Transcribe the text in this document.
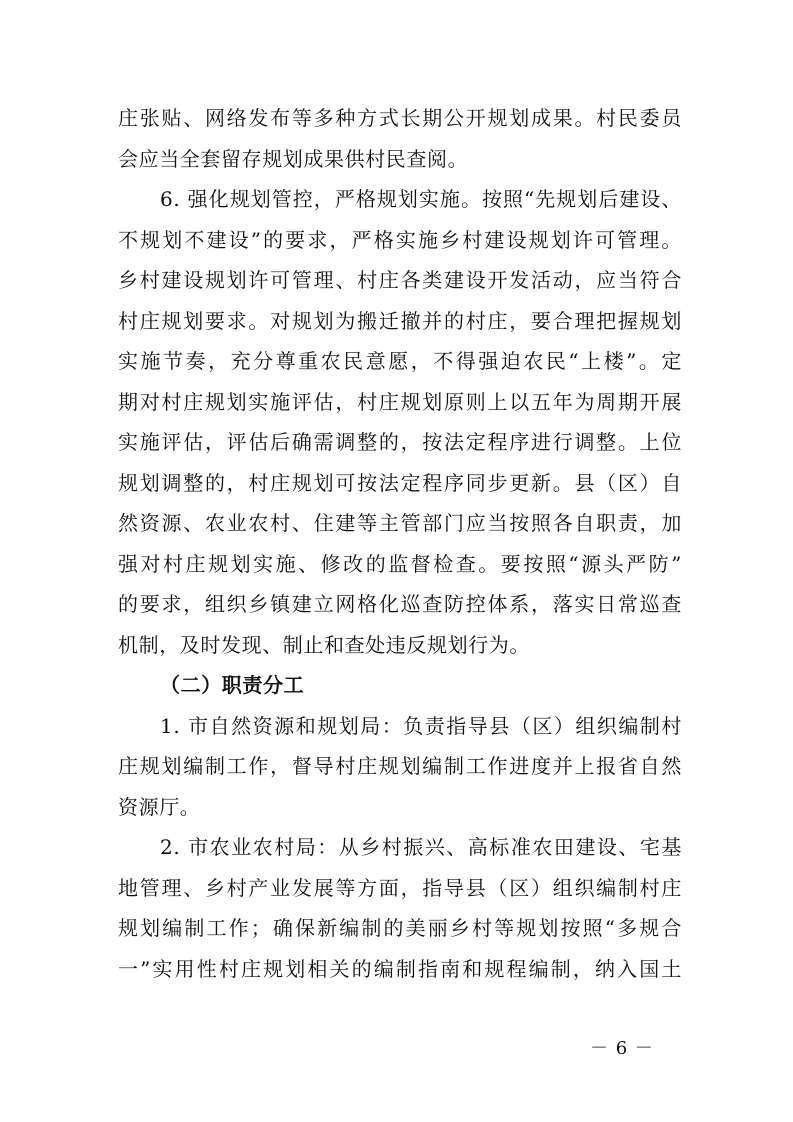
庄张贴、网络发布等多种方式长期公开规划成果。村民委员
会应当全套留存规划成果供村民查阅。
6. 强化规划管控，严格规划实施。按照“先规划后建设、
不规划不建设”的要求，严格实施乡村建设规划许可管理。
乡村建设规划许可管理、村庄各类建设开发活动，应当符合
村庄规划要求。对规划为搬迁撤并的村庄，要合理把握规划
实施节奏，充分尊重农民意愿，不得强迫农民“上楼”。定
期对村庄规划实施评估，村庄规划原则上以五年为周期开展
实施评估，评估后确需调整的，按法定程序进行调整。上位
规划调整的，村庄规划可按法定程序同步更新。县（区）自
然资源、农业农村、住建等主管部门应当按照各自职责，加
强对村庄规划实施、修改的监督检查。要按照“源头严防”
的要求，组织乡镇建立网格化巡查防控体系，落实日常巡查
机制，及时发现、制止和查处违反规划行为。
（二）职责分工
1. 市自然资源和规划局：负责指导县（区）组织编制村
庄规划编制工作，督导村庄规划编制工作进度并上报省自然
资源厅。
2. 市农业农村局：从乡村振兴、高标准农田建设、宅基
地管理、乡村产业发展等方面，指导县（区）组织编制村庄
规划编制工作；确保新编制的美丽乡村等规划按照“多规合
一”实用性村庄规划相关的编制指南和规程编制，纳入国土
－ 6 －
